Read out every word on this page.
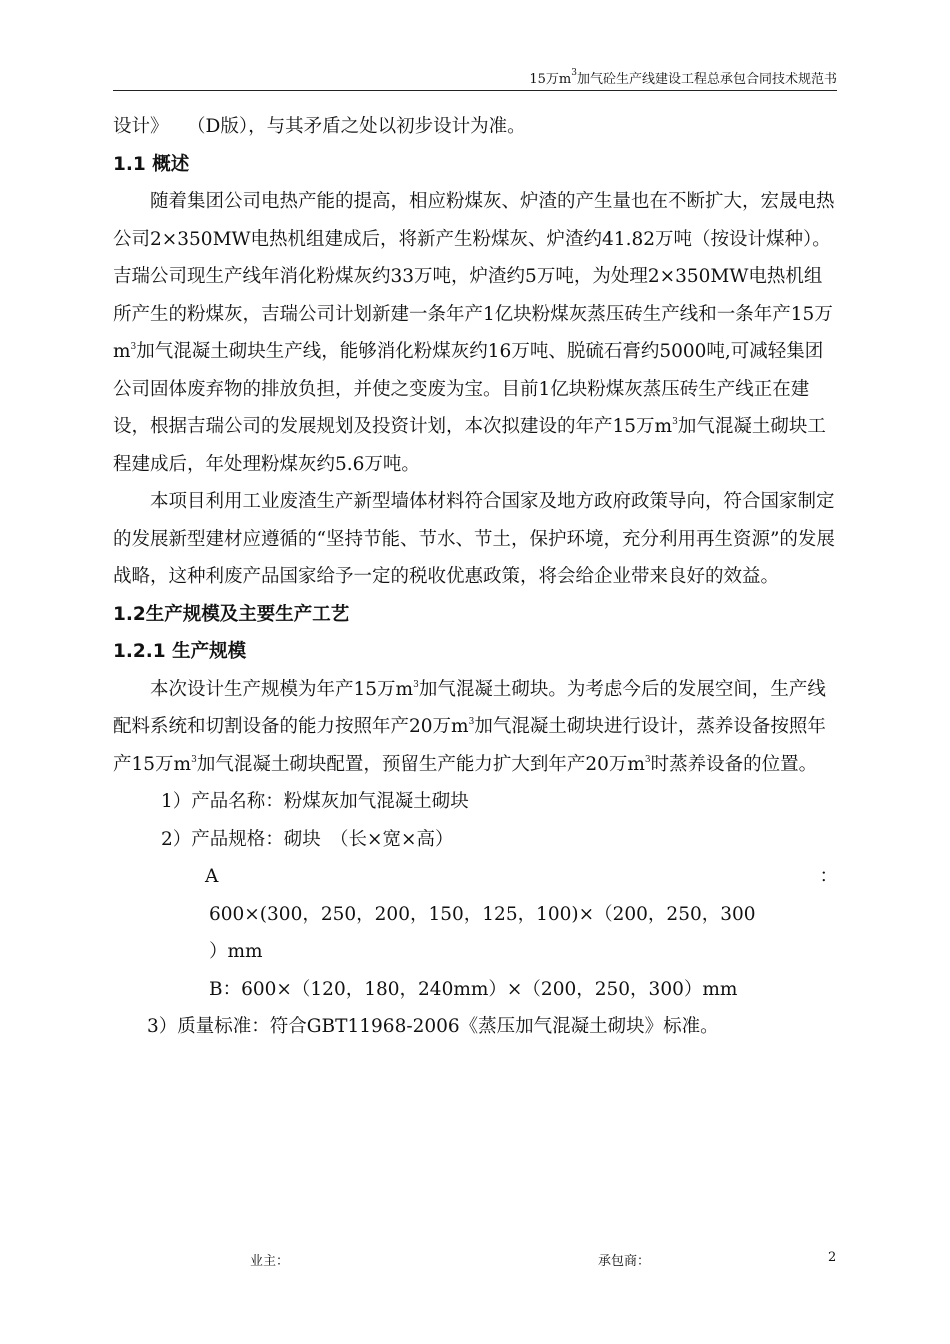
15万$m^3$加气砼生产线建设工程总承包合同技术规范书

设计》　　（D版），与其矛盾之处以初步设计为准。

1.1 概述

随着集团公司电热产能的提高，相应粉煤灰、炉渣的产生量也在不断扩大，宏晟电热公司2×350MW电热机组建成后，将新产生粉煤灰、炉渣约41.82万吨（按设计煤种）。吉瑞公司现生产线年消化粉煤灰约33万吨，炉渣约5万吨，为处理2×350MW电热机组所产生的粉煤灰，吉瑞公司计划新建一条年产1亿块粉煤灰蒸压砖生产线和一条年产15万$m^3$加气混凝土砌块生产线，能够消化粉煤灰约16万吨、脱硫石膏约5000吨,可减轻集团公司固体废弃物的排放负担，并使之变废为宝。目前1亿块粉煤灰蒸压砖生产线正在建设，根据吉瑞公司的发展规划及投资计划，本次拟建设的年产15万$m^3$加气混凝土砌块工程建成后，年处理粉煤灰约5.6万吨。

本项目利用工业废渣生产新型墙体材料符合国家及地方政府政策导向，符合国家制定的发展新型建材应遵循的“坚持节能、节水、节土，保护环境，充分利用再生资源”的发展战略，这种利废产品国家给予一定的税收优惠政策，将会给企业带来良好的效益。

1.2生产规模及主要生产工艺

1.2.1 生产规模

本次设计生产规模为年产15万$m^3$加气混凝土砌块。为考虑今后的发展空间，生产线配料系统和切割设备的能力按照年产20万$m^3$加气混凝土砌块进行设计，蒸养设备按照年产15万$m^3$加气混凝土砌块配置，预留生产能力扩大到年产20万$m^3$时蒸养设备的位置。

1）产品名称：粉煤灰加气混凝土砌块

2）产品规格：砌块　（长×宽×高）

A	：

600×(300，250，200，150，125，100)×（200，250，300

）mm

B：600×（120，180，240mm）×（200，250，300）mm

3）质量标准：符合GBT11968-2006《蒸压加气混凝土砌块》标准。

业主：	承包商：	2
